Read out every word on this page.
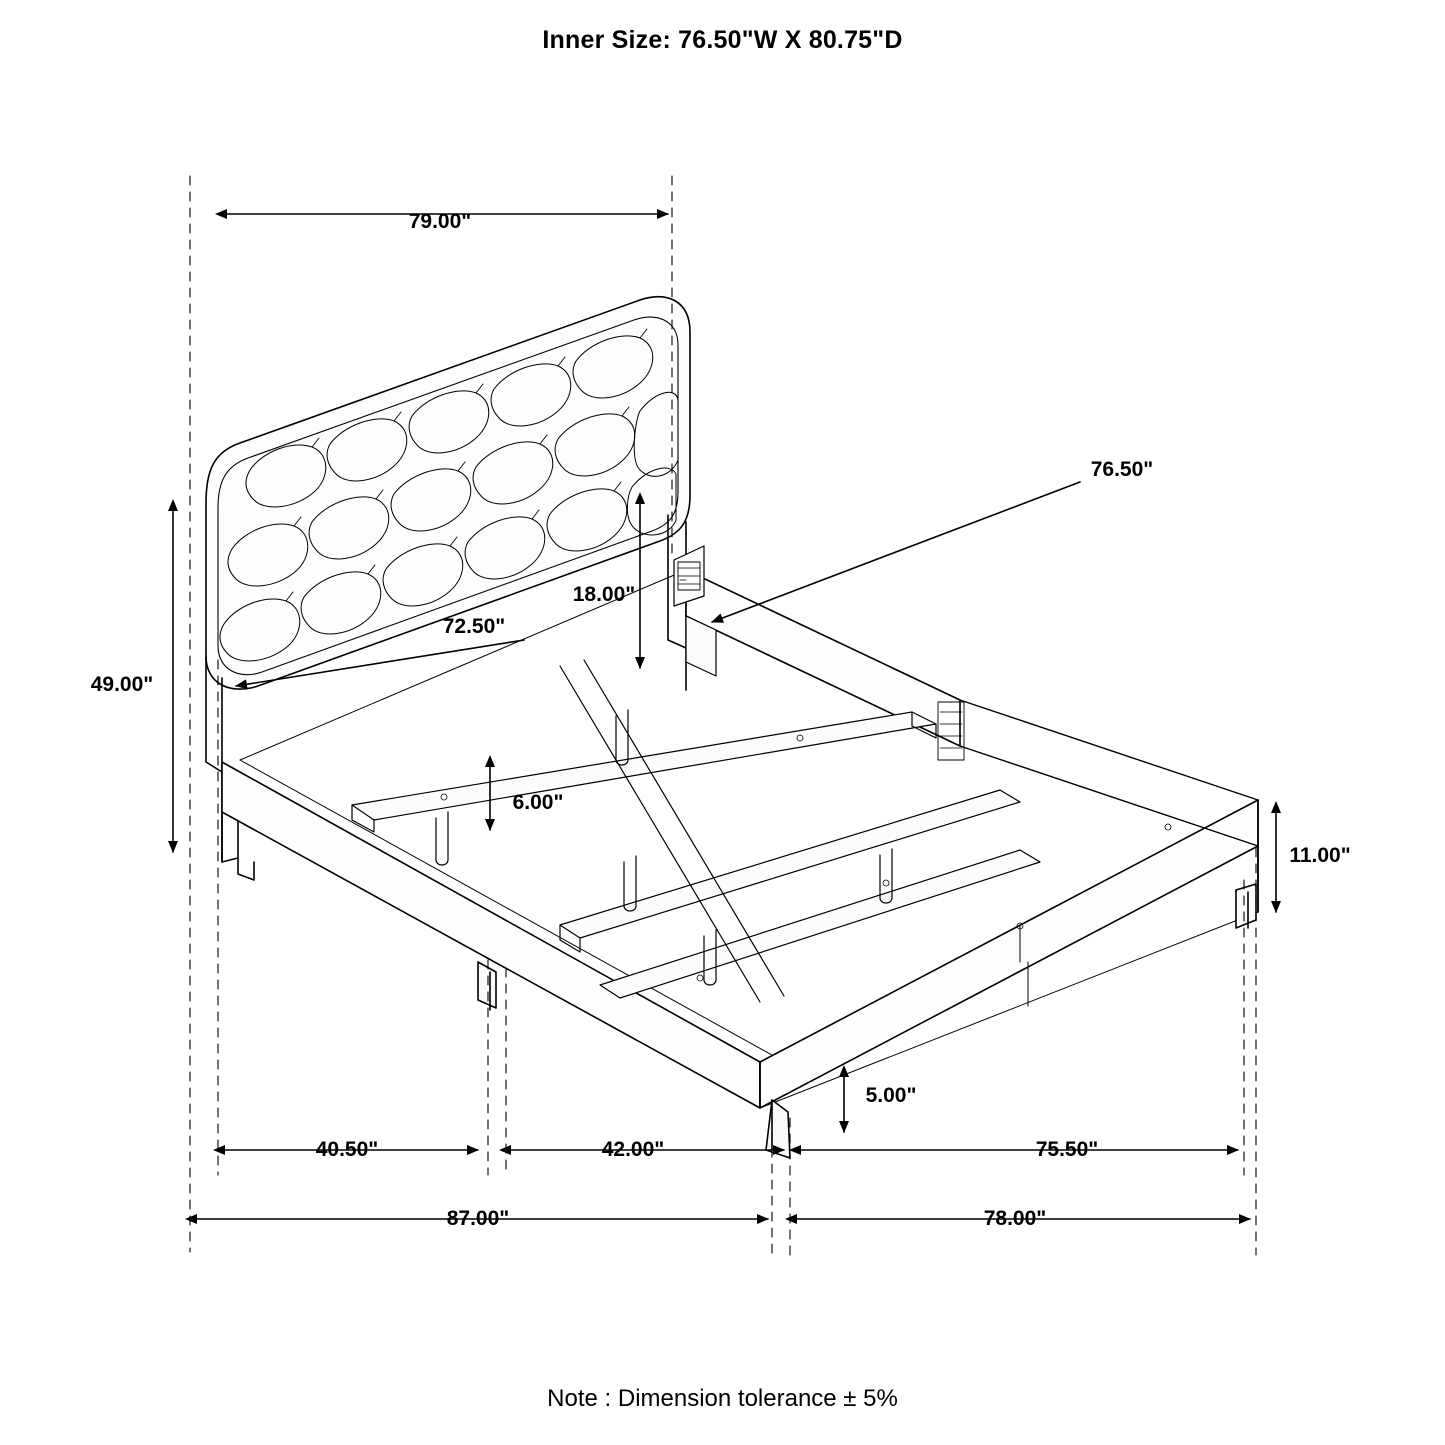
Inner Size: 76.50"W X 80.75"D
79.00"
49.00"
72.50"
18.00"
76.50"
6.00"
11.00"
5.00"
40.50"	42.00"	75.50"
87.00"	78.00"
Note : Dimension tolerance ± 5%
